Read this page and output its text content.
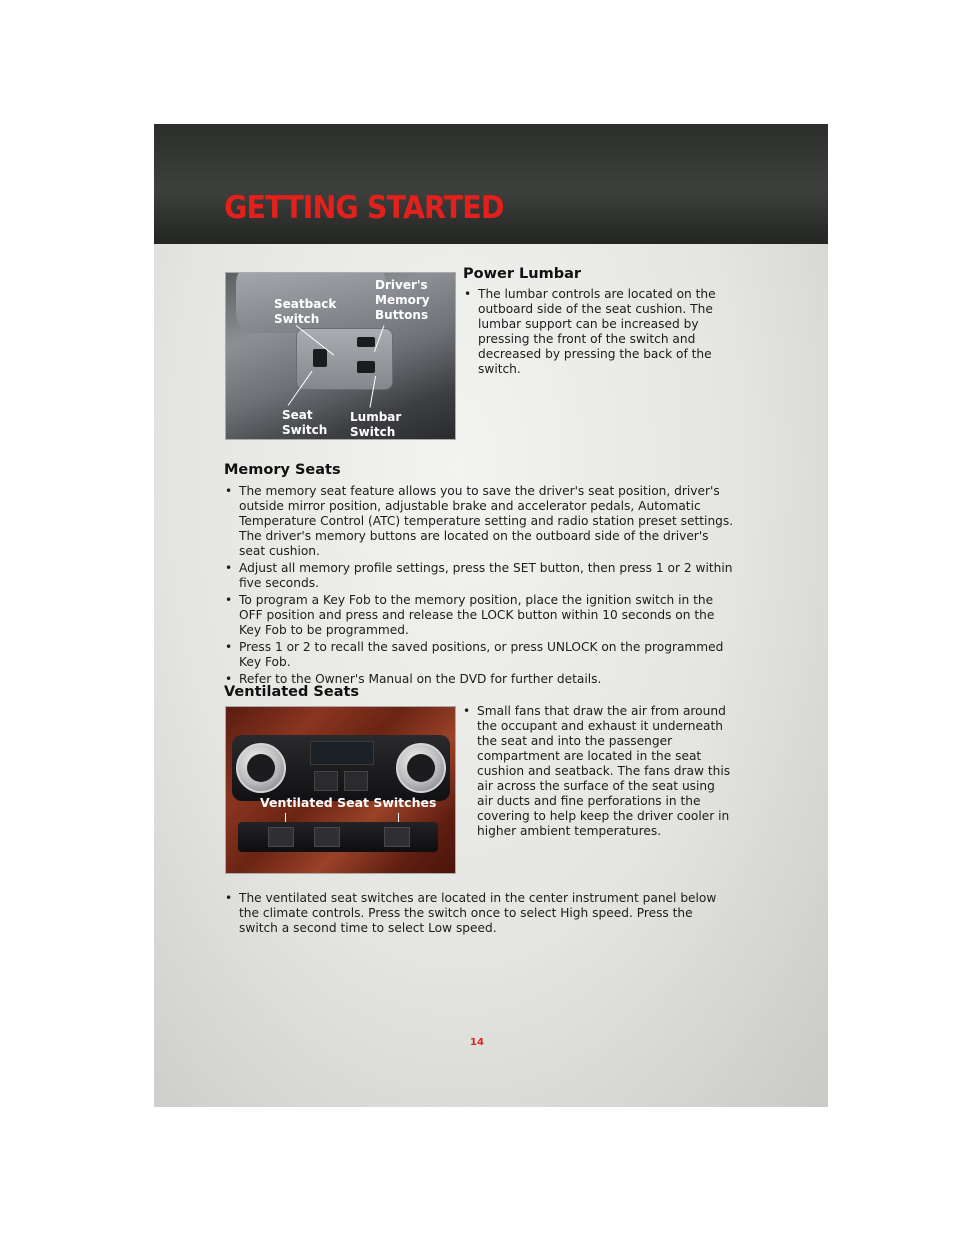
GETTING STARTED

Seatback
Switch

Driver's
Memory
Buttons

Seat
Switch

Lumbar
Switch

Power Lumbar
• The lumbar controls are located on the outboard side of the seat cushion. The lumbar support can be increased by pressing the front of the switch and decreased by pressing the back of the switch.
Memory Seats
• The memory seat feature allows you to save the driver's seat position, driver's outside mirror position, adjustable brake and accelerator pedals, Automatic Temperature Control (ATC) temperature setting and radio station preset settings. The driver's memory buttons are located on the outboard side of the driver's seat cushion.
• Adjust all memory profile settings, press the SET button, then press 1 or 2 within five seconds.
• To program a Key Fob to the memory position, place the ignition switch in the OFF position and press and release the LOCK button within 10 seconds on the Key Fob to be programmed.
• Press 1 or 2 to recall the saved positions, or press UNLOCK on the programmed Key Fob.
• Refer to the Owner's Manual on the DVD for further details.
Ventilated Seats

Ventilated Seat Switches

• Small fans that draw the air from around the occupant and exhaust it underneath the seat and into the passenger compartment are located in the seat cushion and seatback. The fans draw this air across the surface of the seat using air ducts and fine perforations in the covering to help keep the driver cooler in higher ambient temperatures.
• The ventilated seat switches are located in the center instrument panel below the climate controls. Press the switch once to select High speed. Press the switch a second time to select Low speed.

14
